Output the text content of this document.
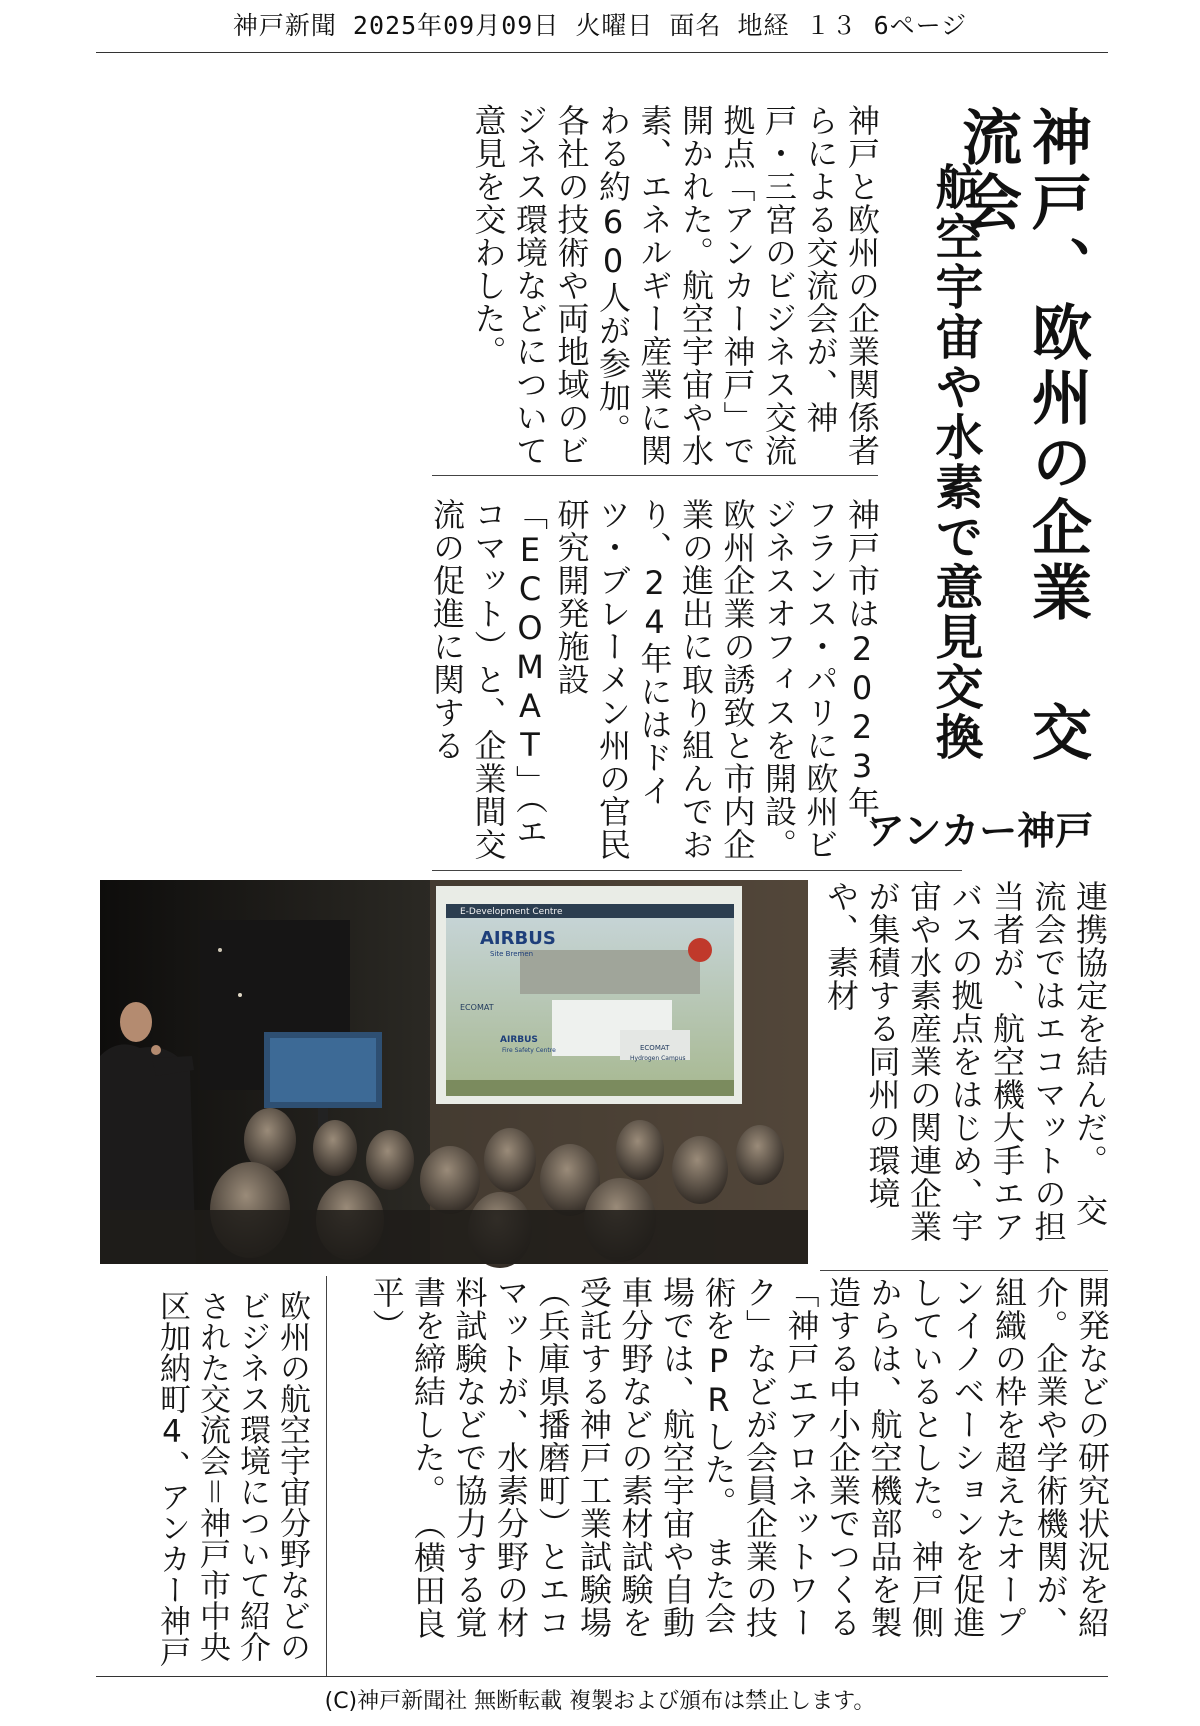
神戸新聞 2025年09月09日 火曜日 面名 地経 １３ 6ページ
神戸、欧州の企業 交流会
航空宇宙や水素で意見交換
アンカー神戸
神戸と欧州の企業関係者らによる交流会が、神戸・三宮のビジネス交流拠点「アンカー神戸」で開かれた。航空宇宙や水素、エネルギー産業に関わる約60人が参加。各社の技術や両地域のビジネス環境などについて意見を交わした。
神戸市は2023年、フランス・パリに欧州ビジネスオフィスを開設。欧州企業の誘致と市内企業の進出に取り組んでおり、24年にはドイツ・ブレーメン州の官民研究開発施設「ECOMAT」（エコマット）と、企業間交流の促進に関する
連携協定を結んだ。　交流会ではエコマットの担当者が、航空機大手エアバスの拠点をはじめ、宇宙や水素産業の関連企業が集積する同州の環境や、素材
開発などの研究状況を紹介。企業や学術機関が、組織の枠を超えたオープンイノベーションを促進しているとした。神戸側からは、航空機部品を製造する中小企業でつくる「神戸エアロネットワーク」などが会員企業の技術をPRした。　また会場では、航空宇宙や自動車分野などの素材試験を受託する神戸工業試験場（兵庫県播磨町）とエコマットが、水素分野の材料試験などで協力する覚書を締結した。　（横田良平）
E-Development Centre
AIRBUS
Site Bremen
ECOMAT
AIRBUS
Fire Safety Centre	ECOMAT
Hydrogen Campus
欧州の航空宇宙分野などのビジネス環境について紹介された交流会＝神戸市中央区加納町4、アンカー神戸
(C)神戸新聞社 無断転載 複製および頒布は禁止します。
